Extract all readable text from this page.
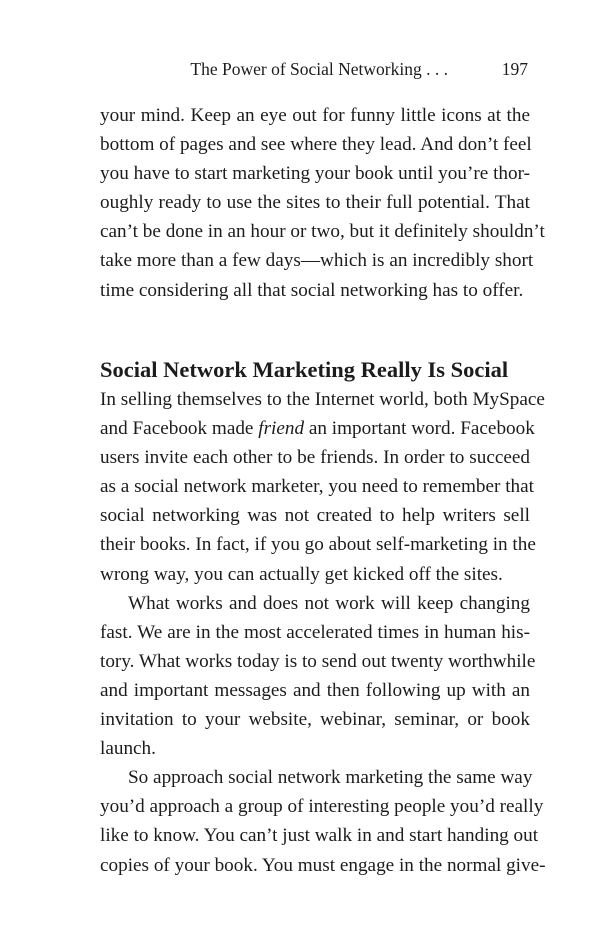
The Power of Social Networking . . .	197
your mind. Keep an eye out for funny little icons at the
bottom of pages and see where they lead. And don’t feel
you have to start marketing your book until you’re thor-
oughly ready to use the sites to their full potential. That
can’t be done in an hour or two, but it definitely shouldn’t
take more than a few days—which is an incredibly short
time considering all that social networking has to offer.
Social Network Marketing Really Is Social
In selling themselves to the Internet world, both MySpace
and Facebook made friend an important word. Facebook
users invite each other to be friends. In order to succeed
as a social network marketer, you need to remember that
social networking was not created to help writers sell
their books. In fact, if you go about self-marketing in the
wrong way, you can actually get kicked off the sites.
What works and does not work will keep changing
fast. We are in the most accelerated times in human his-
tory. What works today is to send out twenty worthwhile
and important messages and then following up with an
invitation to your website, webinar, seminar, or book
launch.
So approach social network marketing the same way
you’d approach a group of interesting people you’d really
like to know. You can’t just walk in and start handing out
copies of your book. You must engage in the normal give-
